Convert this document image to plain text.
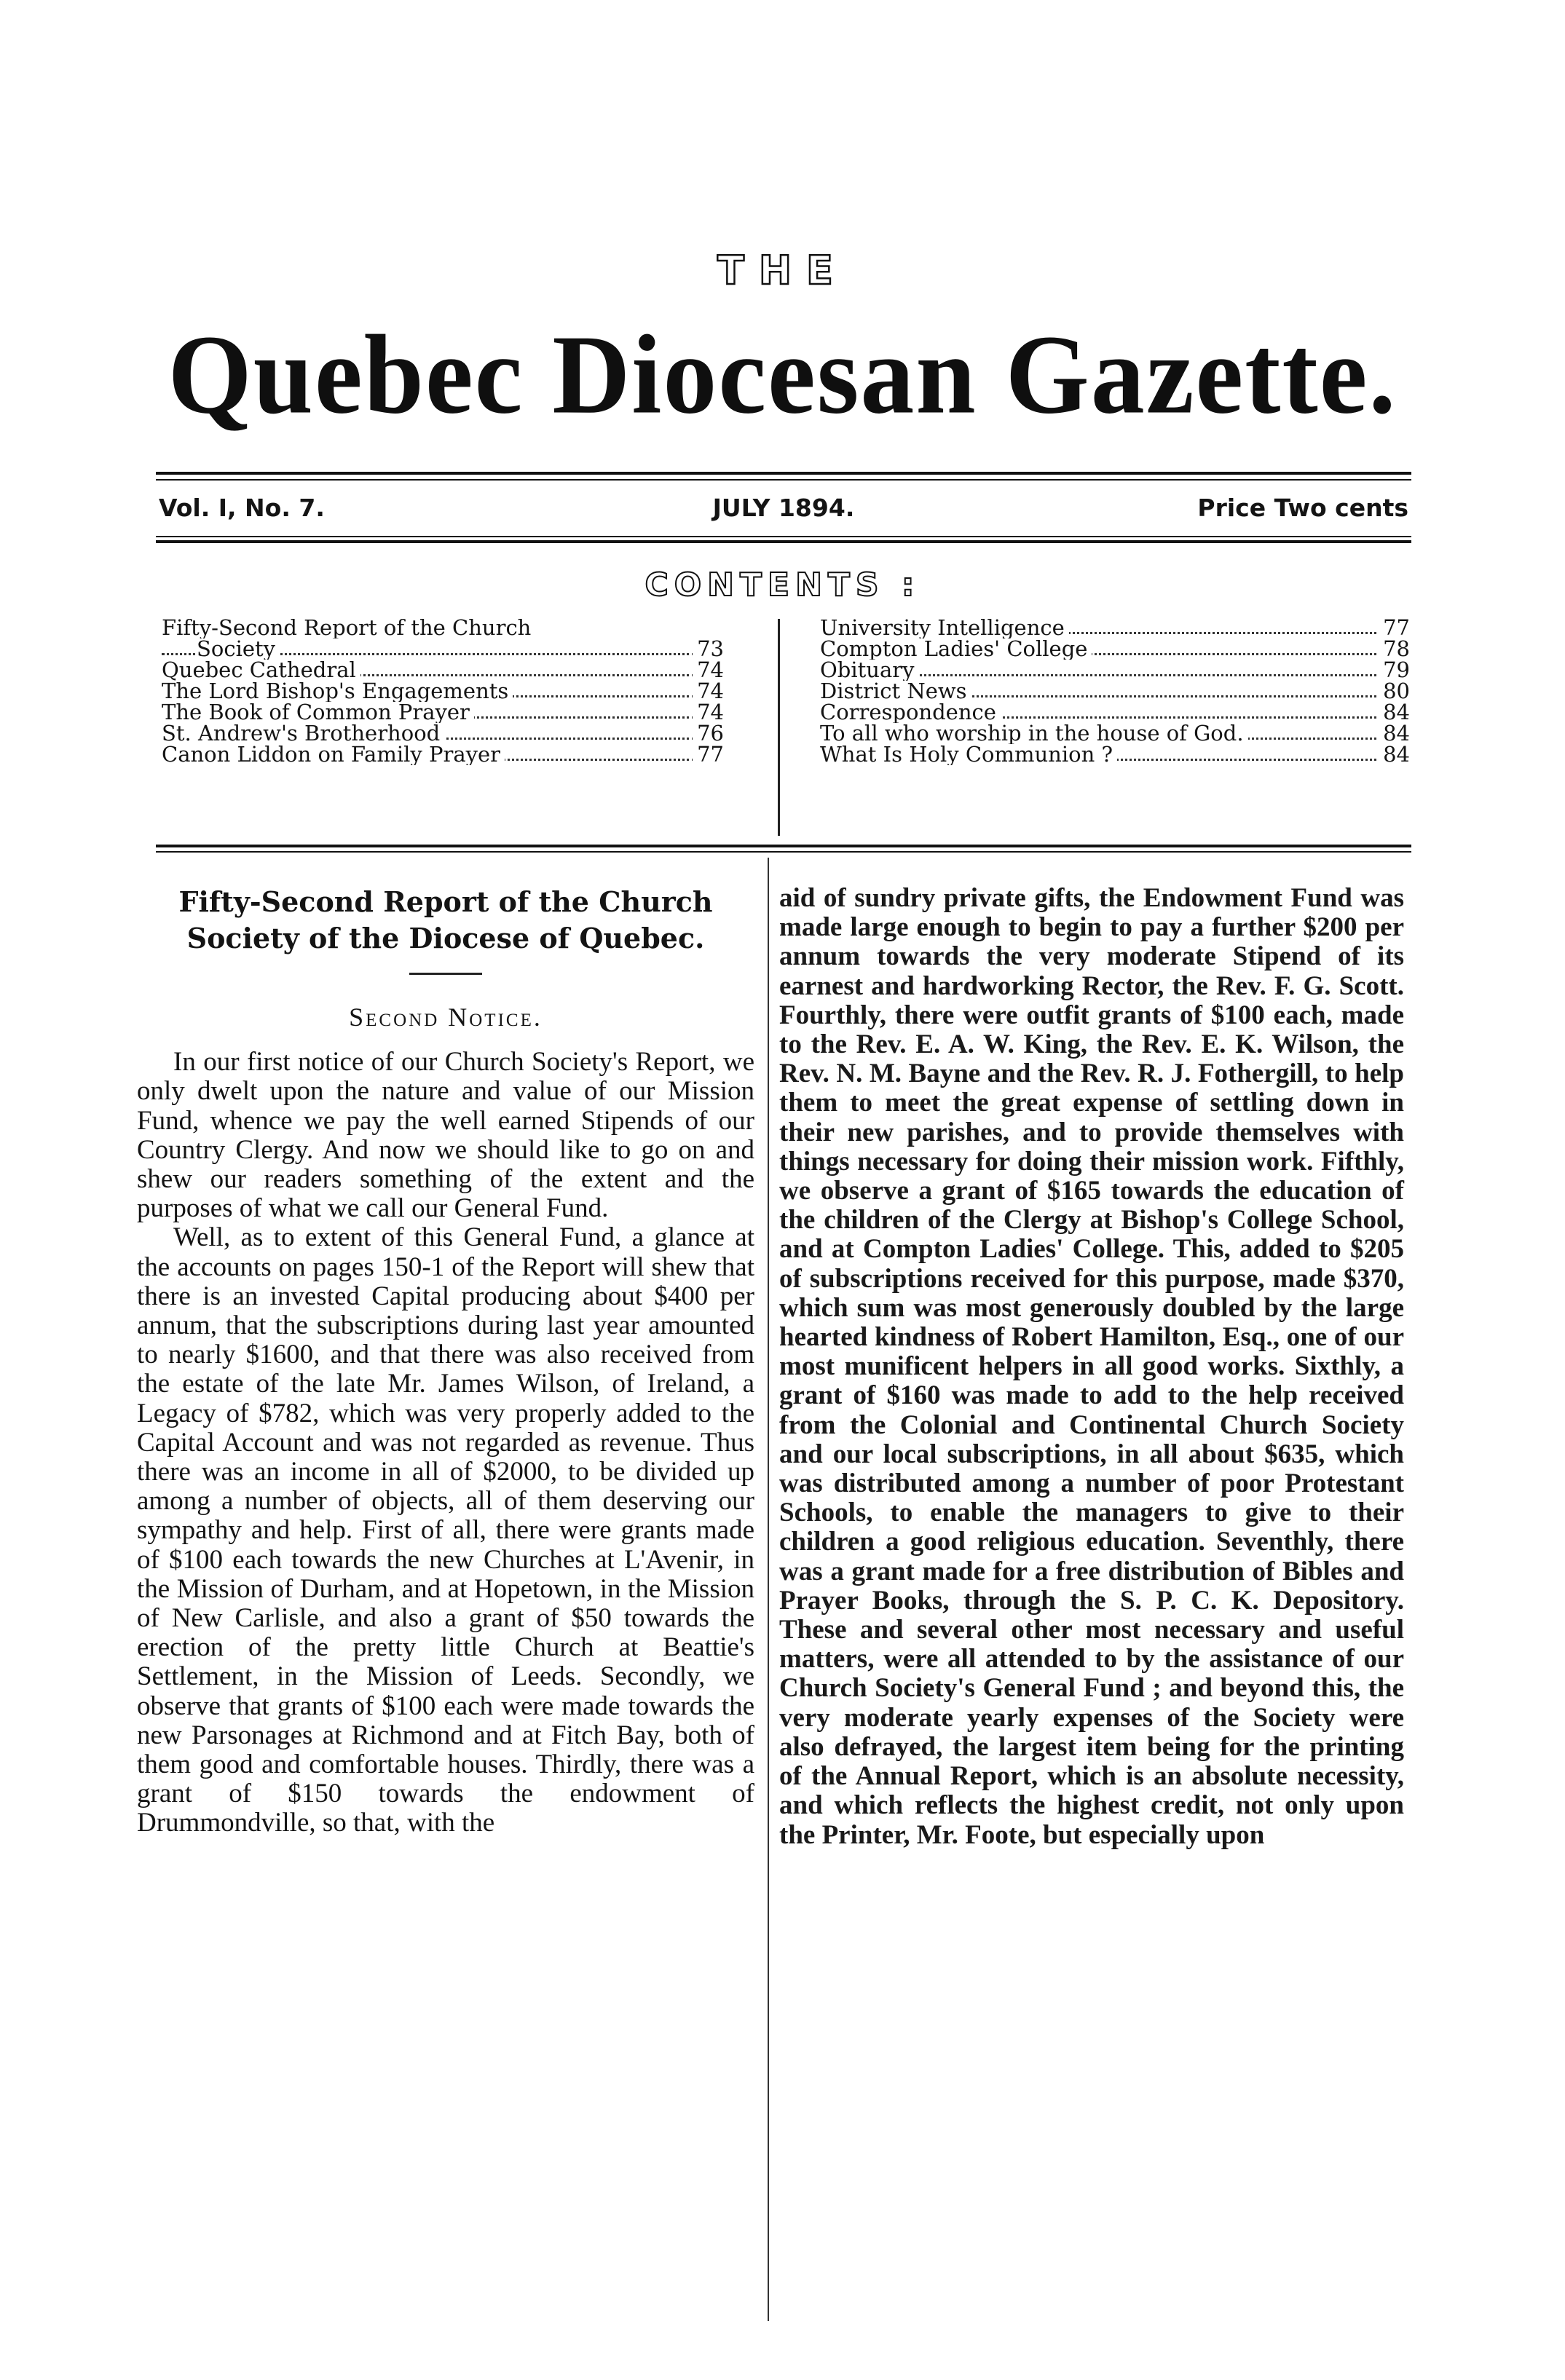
THE
Quebec Diocesan Gazette.
Vol. I, No. 7.	JULY 1894.	Price Two cents
CONTENTS :
Fifty-Second Report of the Church
Society	73
Quebec Cathedral	74
The Lord Bishop's Engagements	74
The Book of Common Prayer	74
St. Andrew's Brotherhood	76
Canon Liddon on Family Prayer	77
University Intelligence	77
Compton Ladies' College	78
Obituary	79
District News	80
Correspondence	84
To all who worship in the house of God.	84
What Is Holy Communion ?	84
Fifty-Second Report of the Church Society of the Diocese of Quebec.
Second Notice.

In our first notice of our Church Society's Report, we only dwelt upon the nature and value of our Mission Fund, whence we pay the well earned Stipends of our Country Clergy. And now we should like to go on and shew our readers something of the extent and the purposes of what we call our General Fund.

Well, as to extent of this General Fund, a glance at the accounts on pages 150-1 of the Report will shew that there is an invested Capital producing about $400 per annum, that the subscriptions during last year amounted to nearly $1600, and that there was also received from the estate of the late Mr. James Wilson, of Ireland, a Legacy of $782, which was very properly added to the Capital Account and was not regarded as revenue. Thus there was an income in all of $2000, to be divided up among a number of objects, all of them deserving our sympathy and help. First of all, there were grants made of $100 each towards the new Churches at L'Avenir, in the Mission of Durham, and at Hopetown, in the Mission of New Carlisle, and also a grant of $50 towards the erection of the pretty little Church at Beattie's Settlement, in the Mission of Leeds. Secondly, we observe that grants of $100 each were made towards the new Parsonages at Richmond and at Fitch Bay, both of them good and comfortable houses. Thirdly, there was a grant of $150 towards the endowment of Drummondville, so that, with the

aid of sundry private gifts, the Endowment Fund was made large enough to begin to pay a further $200 per annum towards the very moderate Stipend of its earnest and hardworking Rector, the Rev. F. G. Scott. Fourthly, there were outfit grants of $100 each, made to the Rev. E. A. W. King, the Rev. E. K. Wilson, the Rev. N. M. Bayne and the Rev. R. J. Fothergill, to help them to meet the great expense of settling down in their new parishes, and to provide themselves with things necessary for doing their mission work. Fifthly, we observe a grant of $165 towards the education of the children of the Clergy at Bishop's College School, and at Compton Ladies' College. This, added to $205 of subscriptions received for this purpose, made $370, which sum was most generously doubled by the large hearted kindness of Robert Hamilton, Esq., one of our most munificent helpers in all good works. Sixthly, a grant of $160 was made to add to the help received from the Colonial and Continental Church Society and our local subscriptions, in all about $635, which was distributed among a number of poor Protestant Schools, to enable the managers to give to their children a good religious education. Seventhly, there was a grant made for a free distribution of Bibles and Prayer Books, through the S. P. C. K. Depository. These and several other most necessary and useful matters, were all attended to by the assistance of our Church Society's General Fund ; and beyond this, the very moderate yearly expenses of the Society were also defrayed, the largest item being for the printing of the Annual Report, which is an absolute necessity, and which reflects the highest credit, not only upon the Printer, Mr. Foote, but especially upon
